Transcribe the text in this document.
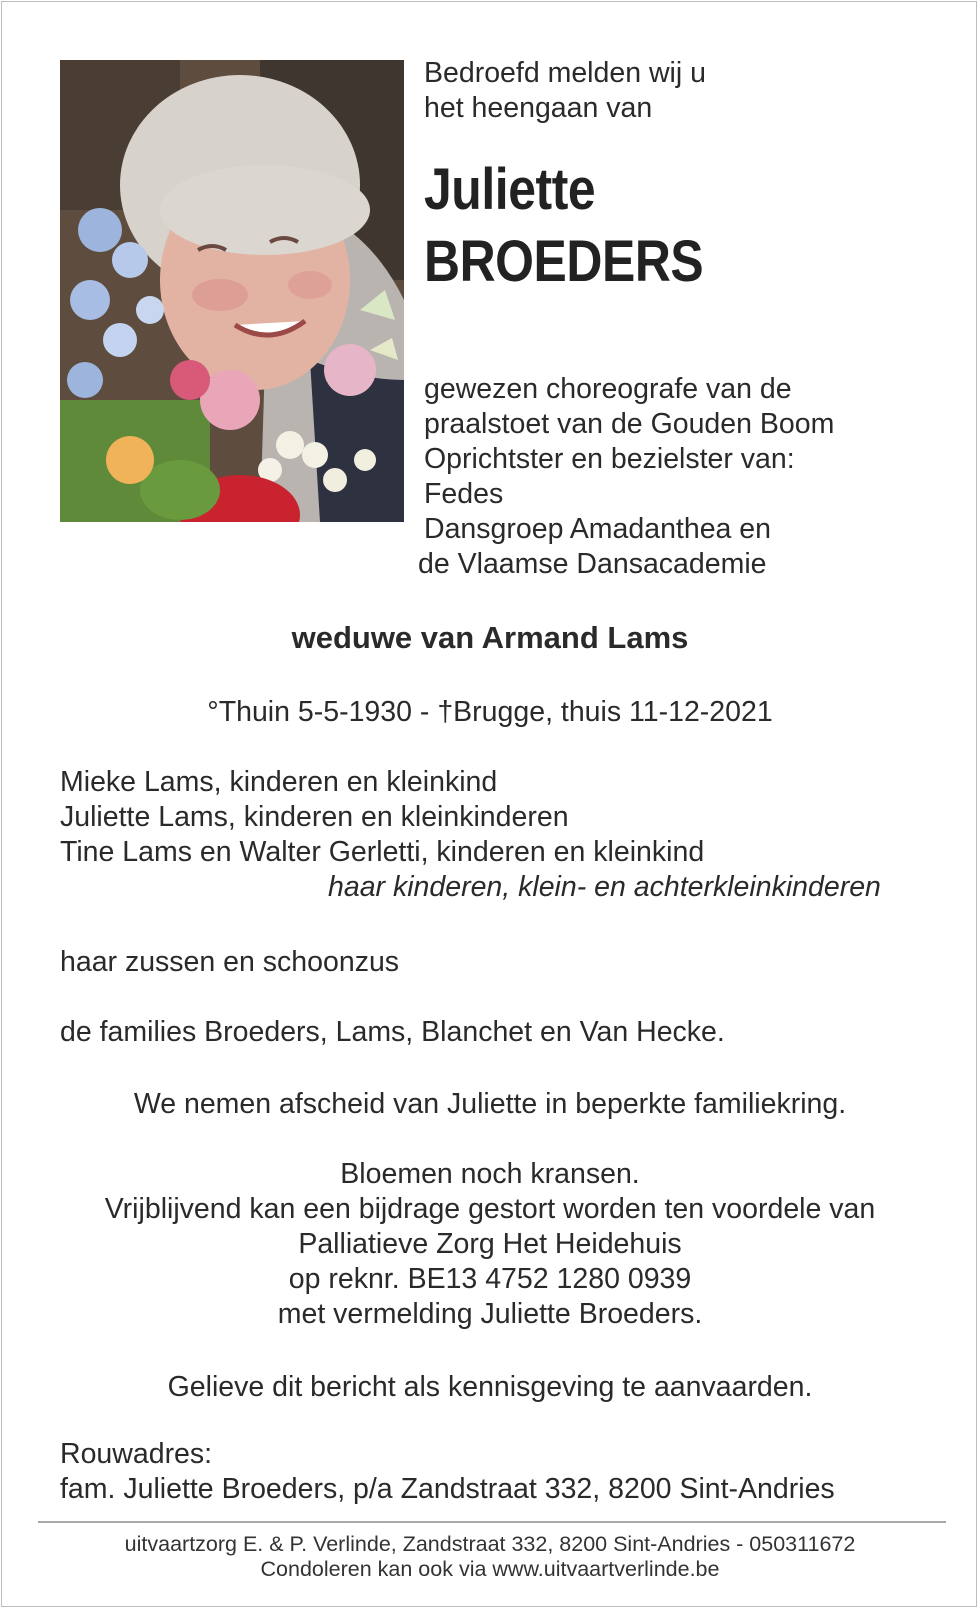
Bedroefd melden wij u
het heengaan van
Juliette
BROEDERS
gewezen choreografe van de
praalstoet van de Gouden Boom
Oprichtster en bezielster van:
Fedes
Dansgroep Amadanthea en
de Vlaamse Dansacademie
weduwe van Armand Lams
°Thuin 5-5-1930 - †Brugge, thuis 11-12-2021
Mieke Lams, kinderen en kleinkind
Juliette Lams, kinderen en kleinkinderen
Tine Lams en Walter Gerletti, kinderen en kleinkind
haar kinderen, klein- en achterkleinkinderen
haar zussen en schoonzus
de families Broeders, Lams, Blanchet en Van Hecke.
We nemen afscheid van Juliette in beperkte familiekring.
Bloemen noch kransen.
Vrijblijvend kan een bijdrage gestort worden ten voordele van
Palliatieve Zorg Het Heidehuis
op reknr. BE13 4752 1280 0939
met vermelding Juliette Broeders.
Gelieve dit bericht als kennisgeving te aanvaarden.
Rouwadres:
fam. Juliette Broeders, p/a Zandstraat 332, 8200 Sint-Andries
uitvaartzorg E. & P. Verlinde, Zandstraat 332, 8200 Sint-Andries - 050311672
Condoleren kan ook via www.uitvaartverlinde.be
